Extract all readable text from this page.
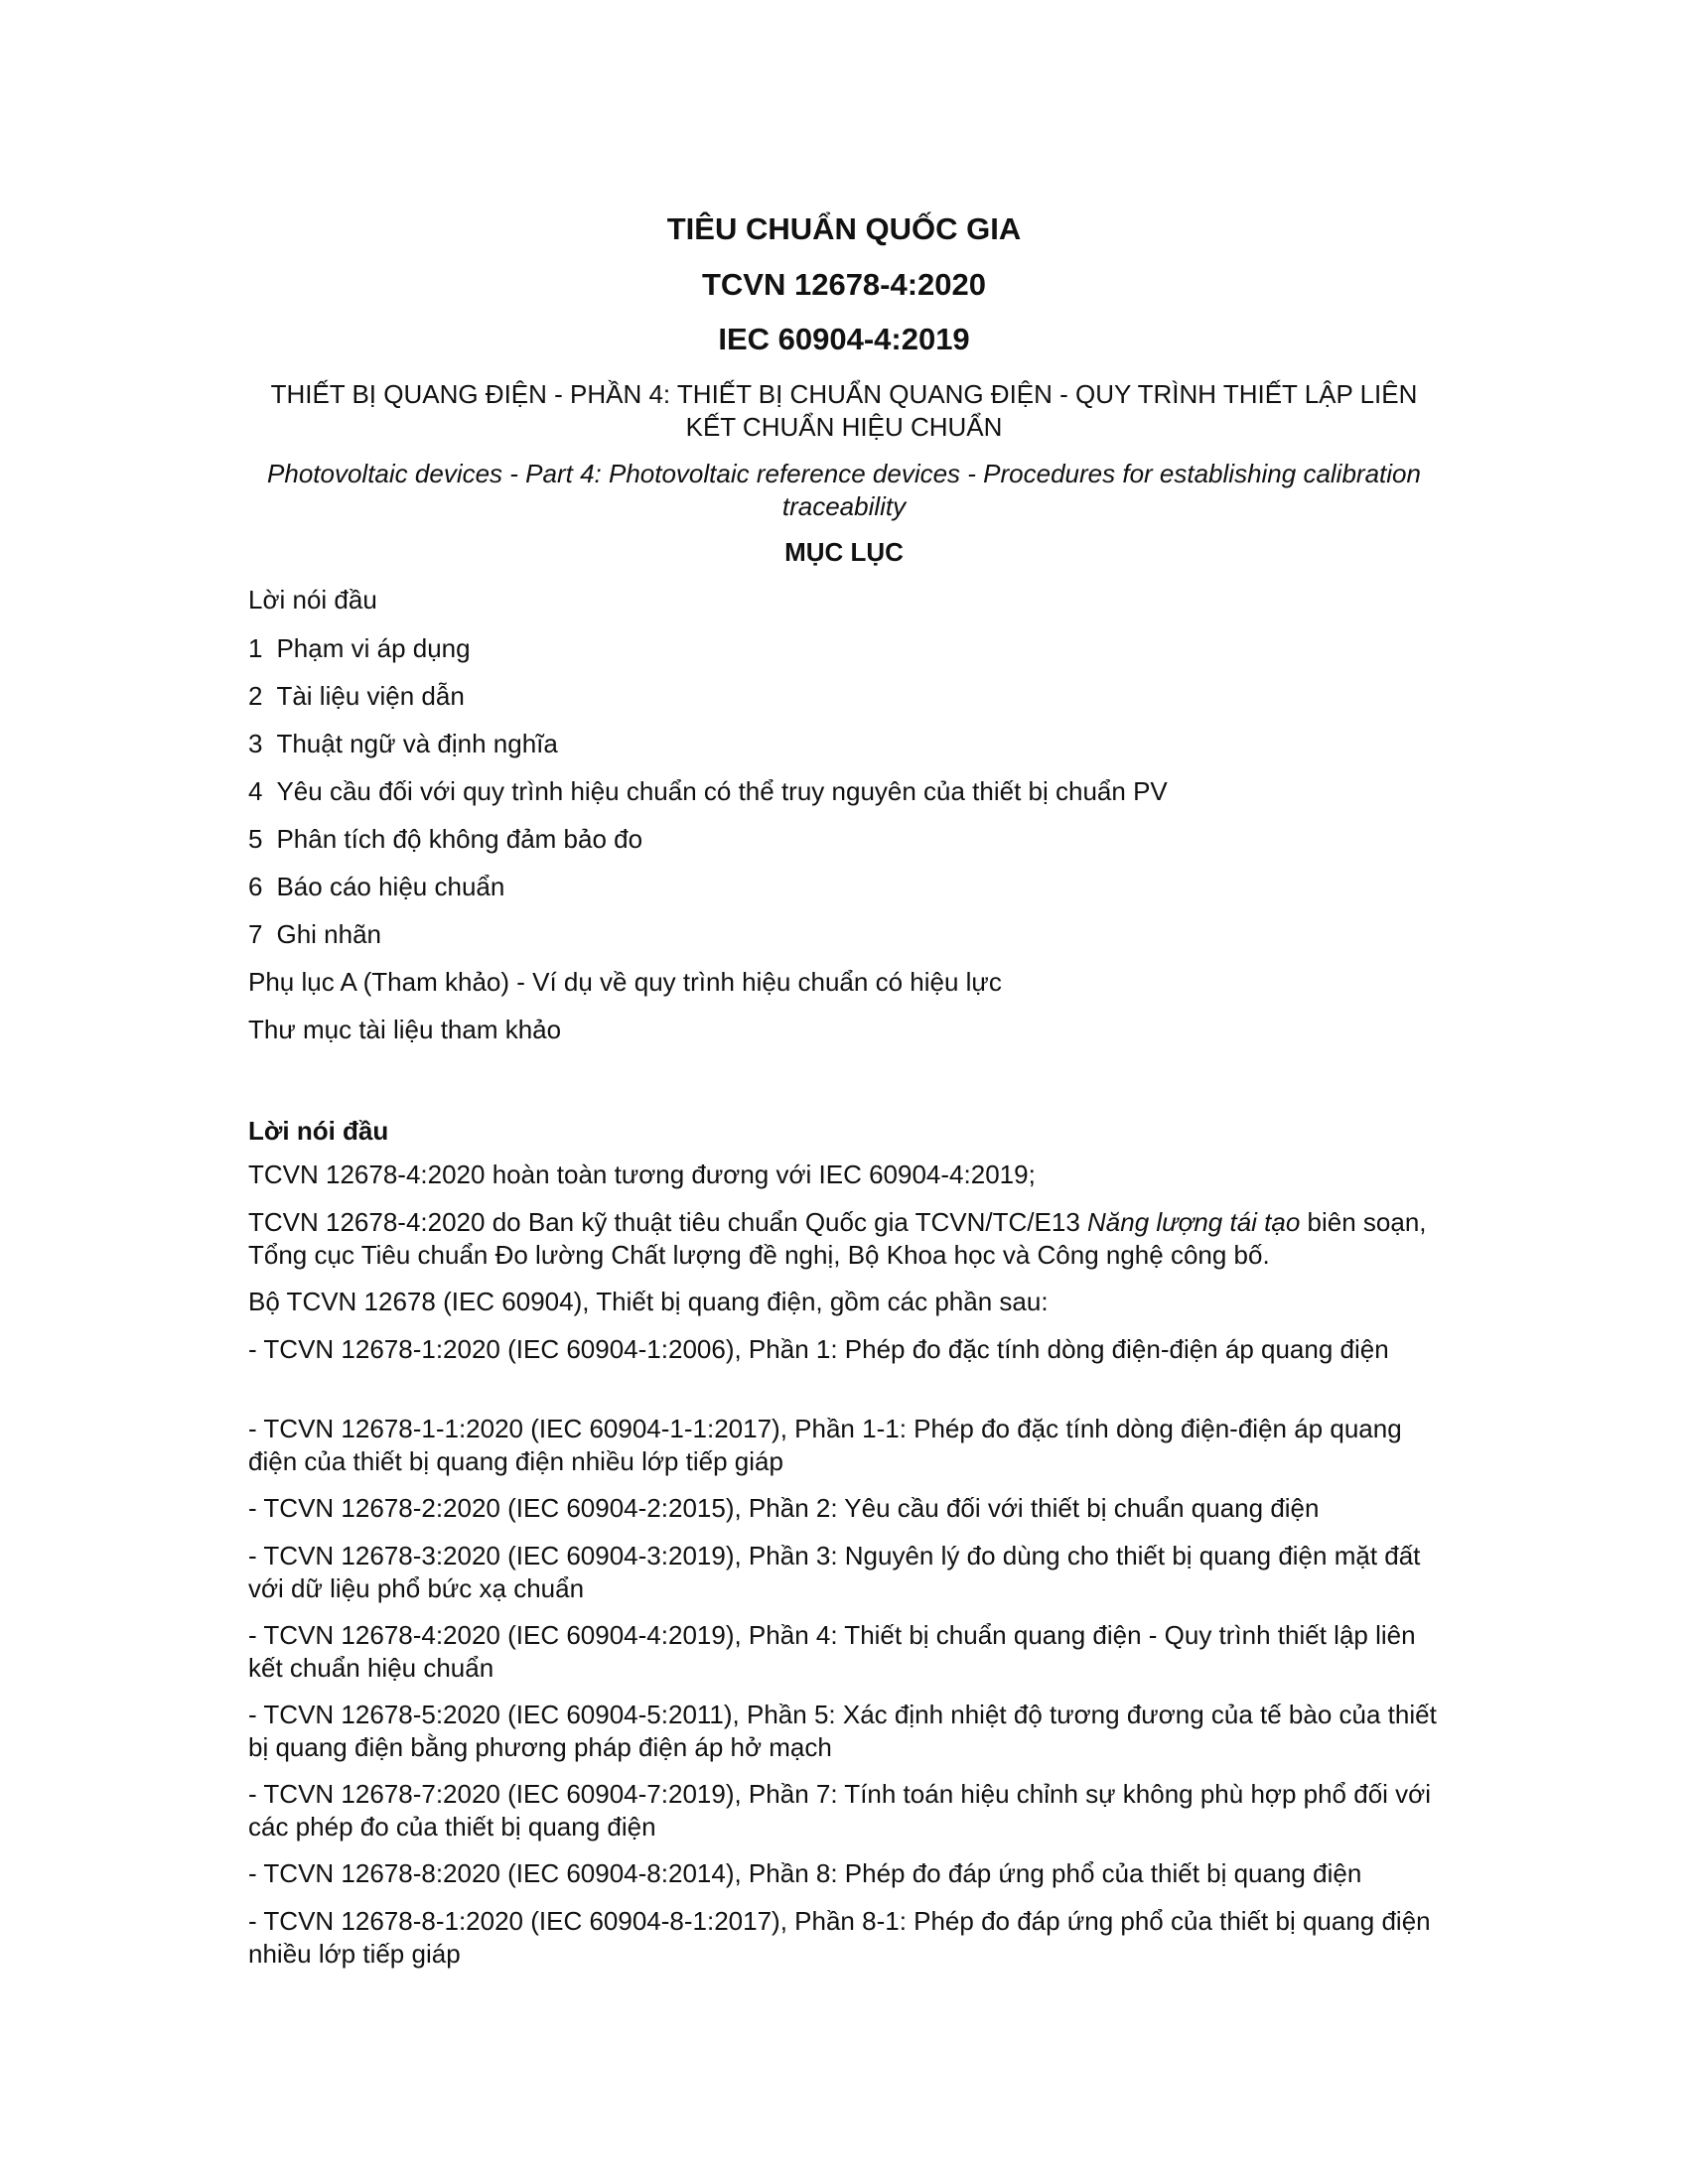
TIÊU CHUẨN QUỐC GIA
TCVN 12678-4:2020
IEC 60904-4:2019
THIẾT BỊ QUANG ĐIỆN - PHẦN 4: THIẾT BỊ CHUẨN QUANG ĐIỆN - QUY TRÌNH THIẾT LẬP LIÊN KẾT CHUẨN HIỆU CHUẨN
Photovoltaic devices - Part 4: Photovoltaic reference devices - Procedures for establishing calibration traceability
MỤC LỤC
Lời nói đầu
1 Phạm vi áp dụng
2 Tài liệu viện dẫn
3 Thuật ngữ và định nghĩa
4 Yêu cầu đối với quy trình hiệu chuẩn có thể truy nguyên của thiết bị chuẩn PV
5 Phân tích độ không đảm bảo đo
6 Báo cáo hiệu chuẩn
7 Ghi nhãn
Phụ lục A (Tham khảo) - Ví dụ về quy trình hiệu chuẩn có hiệu lực
Thư mục tài liệu tham khảo
Lời nói đầu
TCVN 12678-4:2020 hoàn toàn tương đương với IEC 60904-4:2019;
TCVN 12678-4:2020 do Ban kỹ thuật tiêu chuẩn Quốc gia TCVN/TC/E13 Năng lượng tái tạo biên soạn, Tổng cục Tiêu chuẩn Đo lường Chất lượng đề nghị, Bộ Khoa học và Công nghệ công bố.
Bộ TCVN 12678 (IEC 60904), Thiết bị quang điện, gồm các phần sau:
- TCVN 12678-1:2020 (IEC 60904-1:2006), Phần 1: Phép đo đặc tính dòng điện-điện áp quang điện
- TCVN 12678-1-1:2020 (IEC 60904-1-1:2017), Phần 1-1: Phép đo đặc tính dòng điện-điện áp quang điện của thiết bị quang điện nhiều lớp tiếp giáp
- TCVN 12678-2:2020 (IEC 60904-2:2015), Phần 2: Yêu cầu đối với thiết bị chuẩn quang điện
- TCVN 12678-3:2020 (IEC 60904-3:2019), Phần 3: Nguyên lý đo dùng cho thiết bị quang điện mặt đất với dữ liệu phổ bức xạ chuẩn
- TCVN 12678-4:2020 (IEC 60904-4:2019), Phần 4: Thiết bị chuẩn quang điện - Quy trình thiết lập liên kết chuẩn hiệu chuẩn
- TCVN 12678-5:2020 (IEC 60904-5:2011), Phần 5: Xác định nhiệt độ tương đương của tế bào của thiết bị quang điện bằng phương pháp điện áp hở mạch
- TCVN 12678-7:2020 (IEC 60904-7:2019), Phần 7: Tính toán hiệu chỉnh sự không phù hợp phổ đối với các phép đo của thiết bị quang điện
- TCVN 12678-8:2020 (IEC 60904-8:2014), Phần 8: Phép đo đáp ứng phổ của thiết bị quang điện
- TCVN 12678-8-1:2020 (IEC 60904-8-1:2017), Phần 8-1: Phép đo đáp ứng phổ của thiết bị quang điện nhiều lớp tiếp giáp
